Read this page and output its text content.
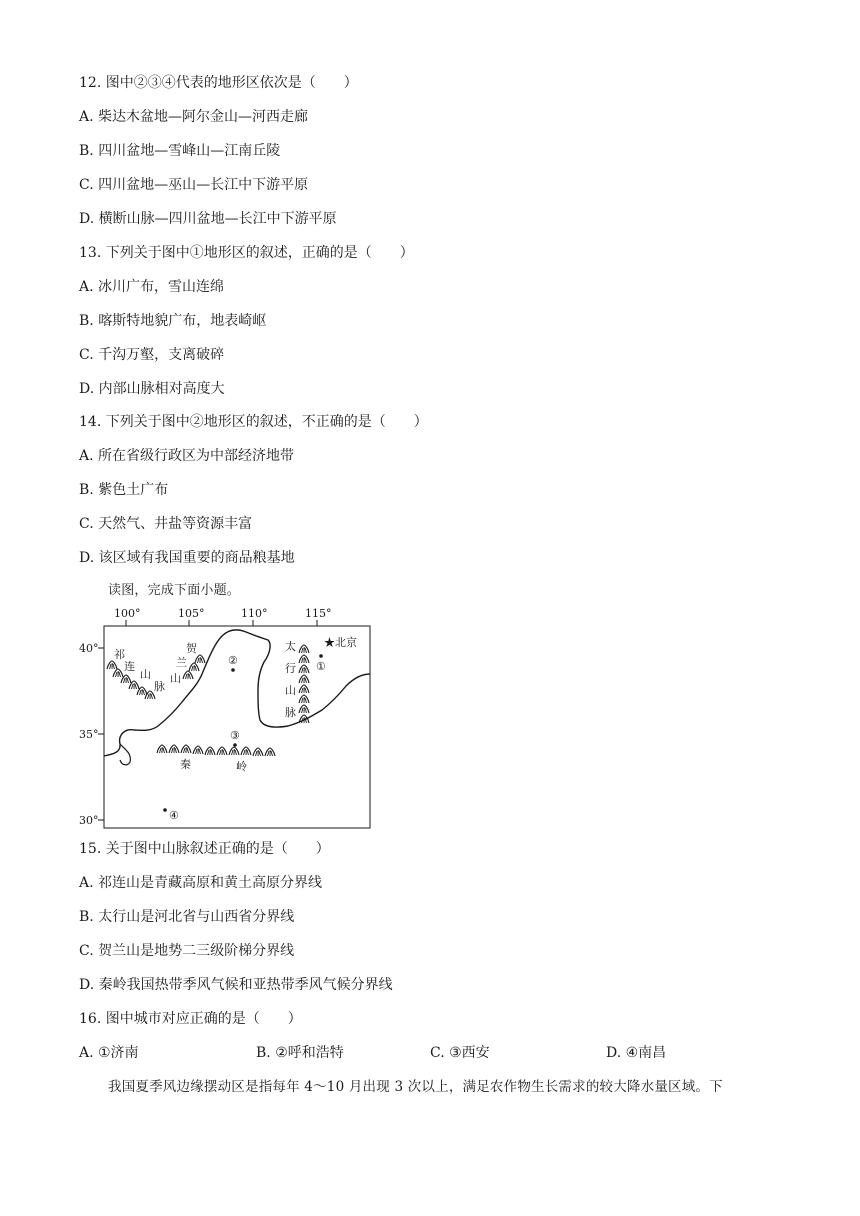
12. 图中②③④代表的地形区依次是（　　）
A. 柴达木盆地—阿尔金山—河西走廊
B. 四川盆地—雪峰山—江南丘陵
C. 四川盆地—巫山—长江中下游平原
D. 横断山脉—四川盆地—长江中下游平原
13. 下列关于图中①地形区的叙述，正确的是（　　）
A. 冰川广布，雪山连绵
B. 喀斯特地貌广布，地表崎岖
C. 千沟万壑，支离破碎
D. 内部山脉相对高度大
14. 下列关于图中②地形区的叙述，不正确的是（　　）
A. 所在省级行政区为中部经济地带
B. 紫色土广布
C. 天然气、井盐等资源丰富
D. 该区域有我国重要的商品粮基地
读图，完成下面小题。
100°	105°	110°	115°
40°
35°
30°
祁
连
山
脉
贺
兰
山
太
行
山
脉
秦	岭
★北京
①
②
③
④
15. 关于图中山脉叙述正确的是（　　）
A. 祁连山是青藏高原和黄土高原分界线
B. 太行山是河北省与山西省分界线
C. 贺兰山是地势二三级阶梯分界线
D. 秦岭我国热带季风气候和亚热带季风气候分界线
16. 图中城市对应正确的是（　　）
A. ①济南	B. ②呼和浩特	C. ③西安	D. ④南昌
我国夏季风边缘摆动区是指每年 4～10 月出现 3 次以上，满足农作物生长需求的较大降水量区域。下
